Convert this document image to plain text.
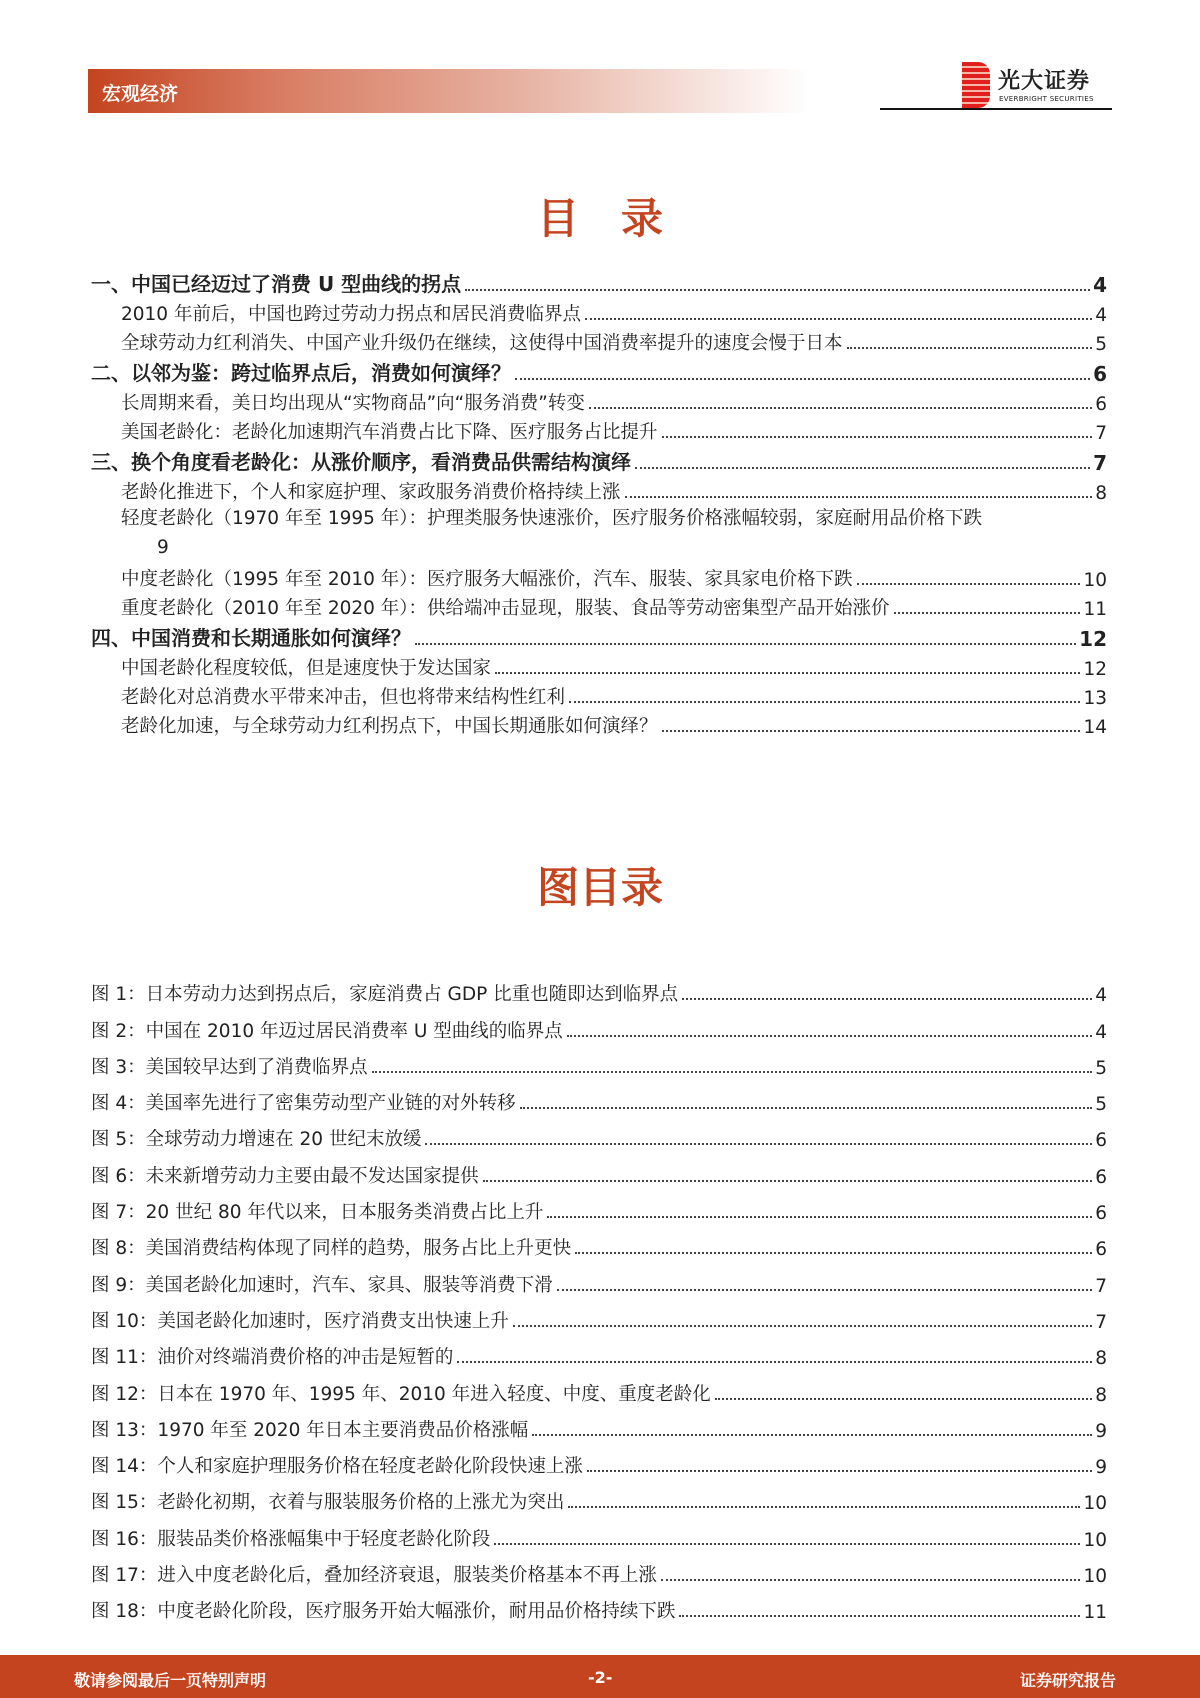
宏观经济	光大证券
EVERBRIGHT SECURITIES
目　录
一、中国已经迈过了消费 U 型曲线的拐点	4
2010 年前后，中国也跨过劳动力拐点和居民消费临界点	4
全球劳动力红利消失、中国产业升级仍在继续，这使得中国消费率提升的速度会慢于日本	5
二、以邻为鉴：跨过临界点后，消费如何演绎？	6
长周期来看，美日均出现从“实物商品”向“服务消费”转变	6
美国老龄化：老龄化加速期汽车消费占比下降、医疗服务占比提升	7
三、换个角度看老龄化：从涨价顺序，看消费品供需结构演绎	7
老龄化推进下，个人和家庭护理、家政服务消费价格持续上涨	8
轻度老龄化（1970 年至 1995 年）：护理类服务快速涨价，医疗服务价格涨幅较弱，家庭耐用品价格下跌
9
中度老龄化（1995 年至 2010 年）：医疗服务大幅涨价，汽车、服装、家具家电价格下跌	10
重度老龄化（2010 年至 2020 年）：供给端冲击显现，服装、食品等劳动密集型产品开始涨价	11
四、中国消费和长期通胀如何演绎？	12
中国老龄化程度较低，但是速度快于发达国家	12
老龄化对总消费水平带来冲击，但也将带来结构性红利	13
老龄化加速，与全球劳动力红利拐点下，中国长期通胀如何演绎？	14
图目录
图 1：日本劳动力达到拐点后，家庭消费占 GDP 比重也随即达到临界点	4
图 2：中国在 2010 年迈过居民消费率 U 型曲线的临界点	4
图 3：美国较早达到了消费临界点	5
图 4：美国率先进行了密集劳动型产业链的对外转移	5
图 5：全球劳动力增速在 20 世纪末放缓	6
图 6：未来新增劳动力主要由最不发达国家提供	6
图 7：20 世纪 80 年代以来，日本服务类消费占比上升	6
图 8：美国消费结构体现了同样的趋势，服务占比上升更快	6
图 9：美国老龄化加速时，汽车、家具、服装等消费下滑	7
图 10：美国老龄化加速时，医疗消费支出快速上升	7
图 11：油价对终端消费价格的冲击是短暂的	8
图 12：日本在 1970 年、1995 年、2010 年进入轻度、中度、重度老龄化	8
图 13：1970 年至 2020 年日本主要消费品价格涨幅	9
图 14：个人和家庭护理服务价格在轻度老龄化阶段快速上涨	9
图 15：老龄化初期，衣着与服装服务价格的上涨尤为突出	10
图 16：服装品类价格涨幅集中于轻度老龄化阶段	10
图 17：进入中度老龄化后，叠加经济衰退，服装类价格基本不再上涨	10
图 18：中度老龄化阶段，医疗服务开始大幅涨价，耐用品价格持续下跌	11
敬请参阅最后一页特别声明	-2-	证券研究报告
